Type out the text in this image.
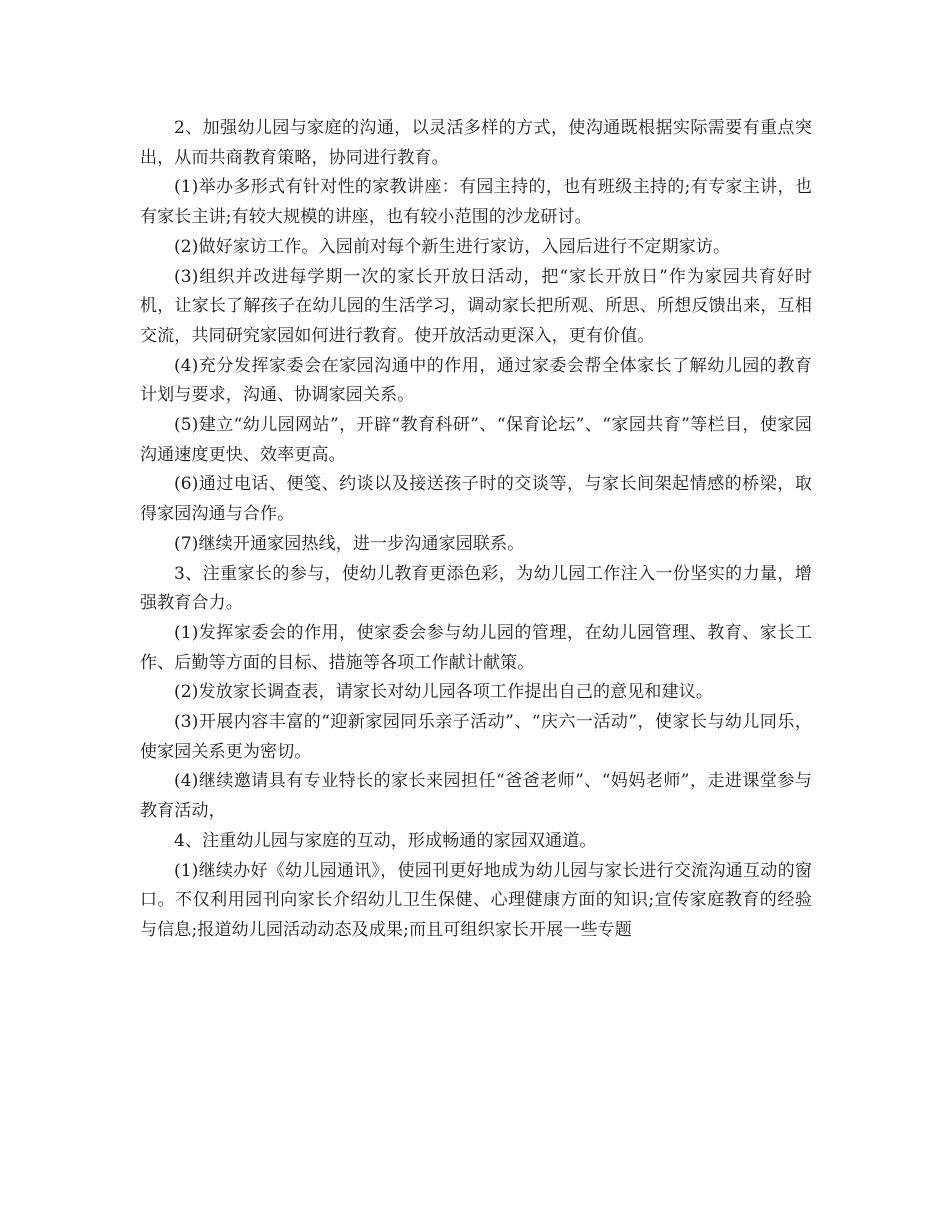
2、加强幼儿园与家庭的沟通，以灵活多样的方式，使沟通既根据实际需要有重点突出，从而共商教育策略，协同进行教育。

(1)举办多形式有针对性的家教讲座：有园主持的，也有班级主持的;有专家主讲，也有家长主讲;有较大规模的讲座，也有较小范围的沙龙研讨。

(2)做好家访工作。入园前对每个新生进行家访，入园后进行不定期家访。

(3)组织并改进每学期一次的家长开放日活动，把“家长开放日”作为家园共育好时机，让家长了解孩子在幼儿园的生活学习，调动家长把所观、所思、所想反馈出来，互相交流，共同研究家园如何进行教育。使开放活动更深入，更有价值。

(4)充分发挥家委会在家园沟通中的作用，通过家委会帮全体家长了解幼儿园的教育计划与要求，沟通、协调家园关系。

(5)建立“幼儿园网站”，开辟“教育科研”、“保育论坛”、“家园共育”等栏目，使家园沟通速度更快、效率更高。

(6)通过电话、便笺、约谈以及接送孩子时的交谈等，与家长间架起情感的桥梁，取得家园沟通与合作。

(7)继续开通家园热线，进一步沟通家园联系。

3、注重家长的参与，使幼儿教育更添色彩，为幼儿园工作注入一份坚实的力量，增强教育合力。

(1)发挥家委会的作用，使家委会参与幼儿园的管理，在幼儿园管理、教育、家长工作、后勤等方面的目标、措施等各项工作献计献策。

(2)发放家长调查表，请家长对幼儿园各项工作提出自己的意见和建议。

(3)开展内容丰富的“迎新家园同乐亲子活动”、“庆六一活动”，使家长与幼儿同乐，使家园关系更为密切。

(4)继续邀请具有专业特长的家长来园担任“爸爸老师”、“妈妈老师”，走进课堂参与教育活动，

4、注重幼儿园与家庭的互动，形成畅通的家园双通道。

(1)继续办好《幼儿园通讯》，使园刊更好地成为幼儿园与家长进行交流沟通互动的窗口。不仅利用园刊向家长介绍幼儿卫生保健、心理健康方面的知识;宣传家庭教育的经验与信息;报道幼儿园活动动态及成果;而且可组织家长开展一些专题
